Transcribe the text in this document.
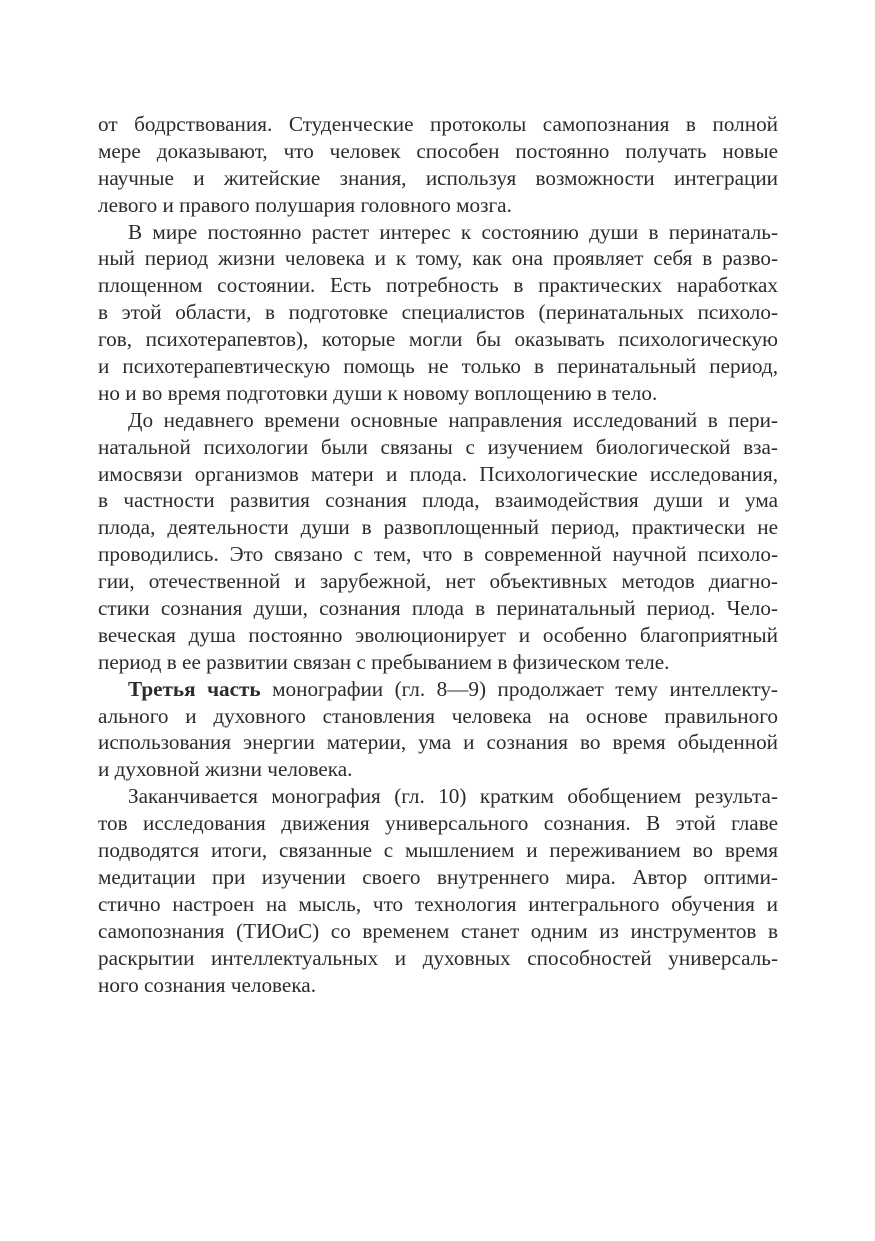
от бодрствования. Студенческие протоколы самопознания в полной
мере доказывают, что человек способен постоянно получать новые
научные и житейские знания, используя возможности интеграции
левого и правого полушария головного мозга.
В мире постоянно растет интерес к состоянию души в перинаталь-
ный период жизни человека и к тому, как она проявляет себя в разво-
площенном состоянии. Есть потребность в практических наработках
в этой области, в подготовке специалистов (перинатальных психоло-
гов, психотерапевтов), которые могли бы оказывать психологическую
и психотерапевтическую помощь не только в перинатальный период,
но и во время подготовки души к новому воплощению в тело.
До недавнего времени основные направления исследований в пери-
натальной психологии были связаны с изучением биологической вза-
имосвязи организмов матери и плода. Психологические исследования,
в частности развития сознания плода, взаимодействия души и ума
плода, деятельности души в развоплощенный период, практически не
проводились. Это связано с тем, что в современной научной психоло-
гии, отечественной и зарубежной, нет объективных методов диагно-
стики сознания души, сознания плода в перинатальный период. Чело-
веческая душа постоянно эволюционирует и особенно благоприятный
период в ее развитии связан с пребыванием в физическом теле.
Третья часть монографии (гл. 8—9) продолжает тему интеллекту-
ального и духовного становления человека на основе правильного
использования энергии материи, ума и сознания во время обыденной
и духовной жизни человека.
Заканчивается монография (гл. 10) кратким обобщением результа-
тов исследования движения универсального сознания. В этой главе
подводятся итоги, связанные с мышлением и переживанием во время
медитации при изучении своего внутреннего мира. Автор оптими-
стично настроен на мысль, что технология интегрального обучения и
самопознания (ТИОиС) со временем станет одним из инструментов в
раскрытии интеллектуальных и духовных способностей универсаль-
ного сознания человека.
